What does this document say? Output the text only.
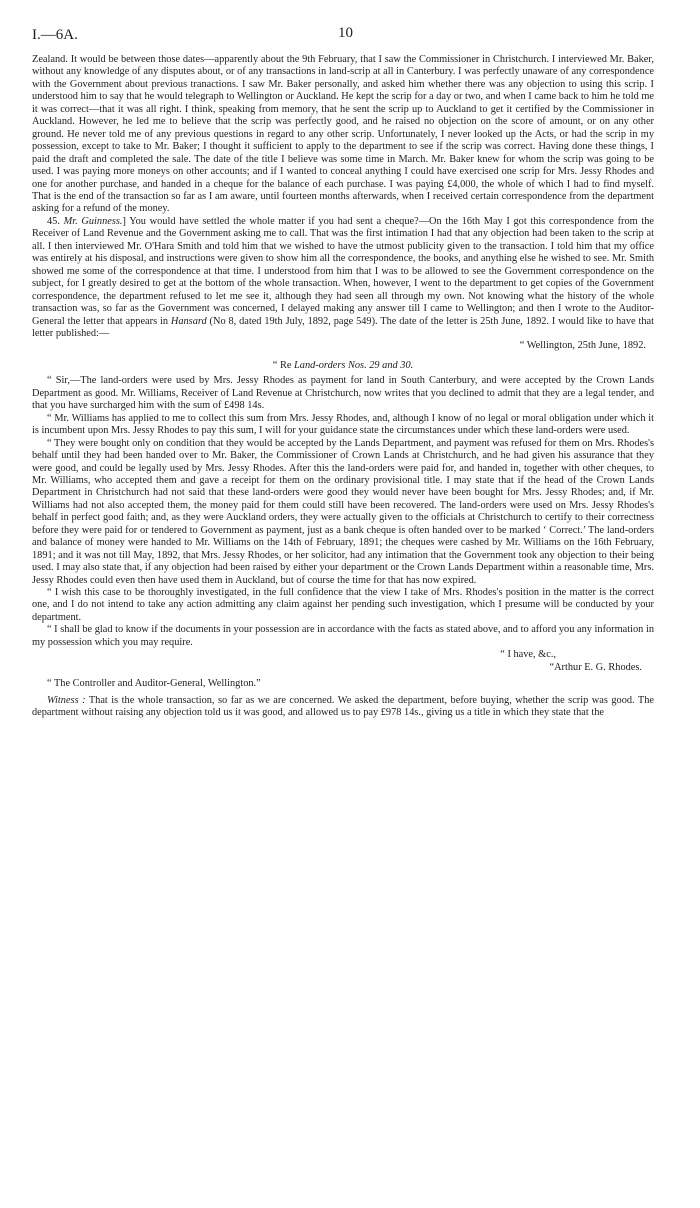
I.—6A.	10

Zealand. It would be between those dates—apparently about the 9th February, that I saw the Commissioner in Christchurch. I interviewed Mr. Baker, without any knowledge of any disputes about, or of any transactions in land-scrip at all in Canterbury. I was perfectly unaware of any correspondence with the Government about previous tranactions. I saw Mr. Baker personally, and asked him whether there was any objection to using this scrip. I understood him to say that he would telegraph to Wellington or Auckland. He kept the scrip for a day or two, and when I came back to him he told me it was correct—that it was all right. I think, speaking from memory, that he sent the scrip up to Auckland to get it certified by the Commissioner in Auckland. However, he led me to believe that the scrip was perfectly good, and he raised no objection on the score of amount, or on any other ground. He never told me of any previous questions in regard to any other scrip. Unfortunately, I never looked up the Acts, or had the scrip in my possession, except to take to Mr. Baker; I thought it sufficient to apply to the department to see if the scrip was correct. Having done these things, I paid the draft and completed the sale. The date of the title I believe was some time in March. Mr. Baker knew for whom the scrip was going to be used. I was paying more moneys on other accounts; and if I wanted to conceal anything I could have exercised one scrip for Mrs. Jessy Rhodes and one for another purchase, and handed in a cheque for the balance of each purchase. I was paying £4,000, the whole of which I had to find myself. That is the end of the transaction so far as I am aware, until fourteen months afterwards, when I received certain correspondence from the department asking for a refund of the money.

45. Mr. Guinness.] You would have settled the whole matter if you had sent a cheque?—On the 16th May I got this correspondence from the Receiver of Land Revenue and the Government asking me to call. That was the first intimation I had that any objection had been taken to the scrip at all. I then interviewed Mr. O'Hara Smith and told him that we wished to have the utmost publicity given to the transaction. I told him that my office was entirely at his disposal, and instructions were given to show him all the correspondence, the books, and anything else he wished to see. Mr. Smith showed me some of the correspondence at that time. I understood from him that I was to be allowed to see the Government correspondence on the subject, for I greatly desired to get at the bottom of the whole transaction. When, however, I went to the department to get copies of the Government correspondence, the department refused to let me see it, although they had seen all through my own. Not knowing what the history of the whole transaction was, so far as the Government was concerned, I delayed making any answer till I came to Wellington; and then I wrote to the Auditor-General the letter that appears in Hansard (No 8, dated 19th July, 1892, page 549). The date of the letter is 25th June, 1892. I would like to have that letter published:—

“ Wellington, 25th June, 1892.

“ Re Land-orders Nos. 29 and 30.

“ Sir,—The land-orders were used by Mrs. Jessy Rhodes as payment for land in South Canterbury, and were accepted by the Crown Lands Department as good. Mr. Williams, Receiver of Land Revenue at Christchurch, now writes that you declined to admit that they are a legal tender, and that you have surcharged him with the sum of £498 14s.

“ Mr. Williams has applied to me to collect this sum from Mrs. Jessy Rhodes, and, although I know of no legal or moral obligation under which it is incumbent upon Mrs. Jessy Rhodes to pay this sum, I will for your guidance state the circumstances under which these land-orders were used.

“ They were bought only on condition that they would be accepted by the Lands Department, and payment was refused for them on Mrs. Rhodes's behalf until they had been handed over to Mr. Baker, the Commissioner of Crown Lands at Christchurch, and he had given his assurance that they were good, and could be legally used by Mrs. Jessy Rhodes. After this the land-orders were paid for, and handed in, together with other cheques, to Mr. Williams, who accepted them and gave a receipt for them on the ordinary provisional title. I may state that if the head of the Crown Lands Department in Christchurch had not said that these land-orders were good they would never have been bought for Mrs. Jessy Rhodes; and, if Mr. Williams had not also accepted them, the money paid for them could still have been recovered. The land-orders were used on Mrs. Jessy Rhodes's behalf in perfect good faith; and, as they were Auckland orders, they were actually given to the officials at Christchurch to certify to their correctness before they were paid for or tendered to Government as payment, just as a bank cheque is often handed over to be marked ‘ Correct.’ The land-orders and balance of money were handed to Mr. Williams on the 14th of February, 1891; the cheques were cashed by Mr. Williams on the 16th February, 1891; and it was not till May, 1892, that Mrs. Jessy Rhodes, or her solicitor, had any intimation that the Government took any objection to their being used. I may also state that, if any objection had been raised by either your department or the Crown Lands Department within a reasonable time, Mrs. Jessy Rhodes could even then have used them in Auckland, but of course the time for that has now expired.

“ I wish this case to be thoroughly investigated, in the full confidence that the view I take of Mrs. Rhodes's position in the matter is the correct one, and I do not intend to take any action admitting any claim against her pending such investigation, which I presume will be conducted by your department.

“ I shall be glad to know if the documents in your possession are in accordance with the facts as stated above, and to afford you any information in my possession which you may require.

“ I have, &c.,

“Arthur E. G. Rhodes.

“ The Controller and Auditor-General, Wellington.”

Witness : That is the whole transaction, so far as we are concerned. We asked the department, before buying, whether the scrip was good. The department without raising any objection told us it was good, and allowed us to pay £978 14s., giving us a title in which they state that the
